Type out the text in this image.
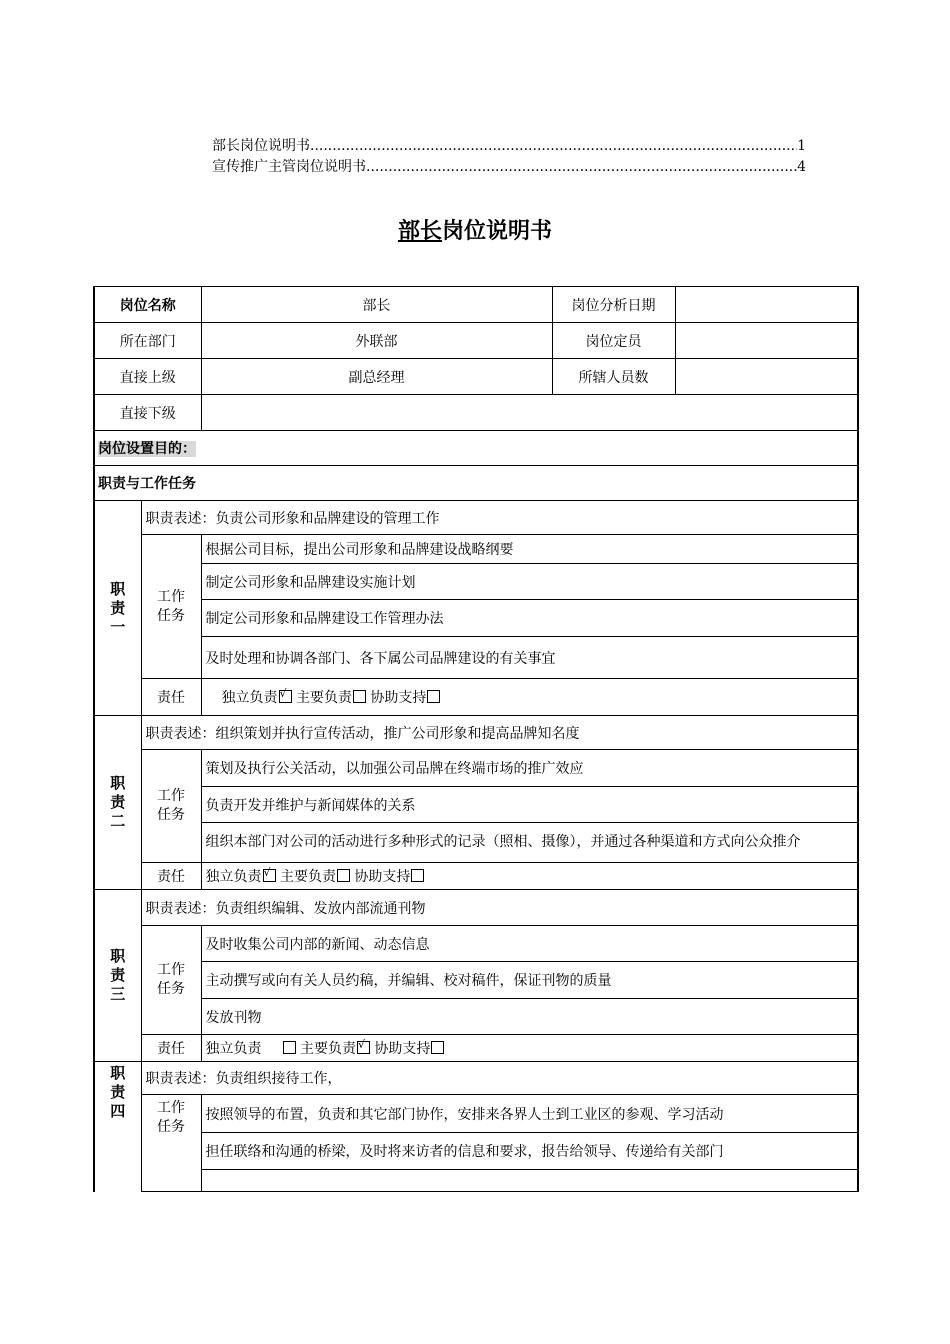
部长岗位说明书 .....	1
宣传推广主管岗位说明书 .....	4
部长岗位说明书
岗位名称		部长	岗位分析日期	
所在部门		外联部	岗位定员	
直接上级		副总经理	所辖人员数	
直接下级				
岗位设置目的：				
职责与工作任务				

职
责
一	职责表述：负责公司形象和品牌建设的管理工作			

	工作
任务	根据公司目标，提出公司形象和品牌建设战略纲要		
		制定公司形象和品牌建设实施计划		
		制定公司形象和品牌建设工作管理办法		
		及时处理和协调各部门、各下属公司品牌建设的有关事宜		
	责任	独立负责 √ 主要负责 协助支持

职
责
二	职责表述：组织策划并执行宣传活动，推广公司形象和提高品牌知名度			

	工作
任务	策划及执行公关活动，以加强公司品牌在终端市场的推广效应		
		负责开发并维护与新闻媒体的关系		
		组织本部门对公司的活动进行多种形式的记录（照相、摄像），并通过各种渠道和方式向公众推介		
	责任	独立负责 √ 主要负责 协助支持

职
责
三	职责表述：负责组织编辑、发放内部流通刊物			

	工作
任务	及时收集公司内部的新闻、动态信息		
		主动撰写或向有关人员约稿，并编辑、校对稿件，保证刊物的质量		
		发放刊物		
	责任	独立负责 主要负责 √ 协助支持

职
责
四	职责表述：负责组织接待工作，			

	工作
任务	按照领导的布置，负责和其它部门协作，安排来各界人士到工业区的参观、学习活动		
		担任联络和沟通的桥梁，及时将来访者的信息和要求，报告给领导、传递给有关部门		
